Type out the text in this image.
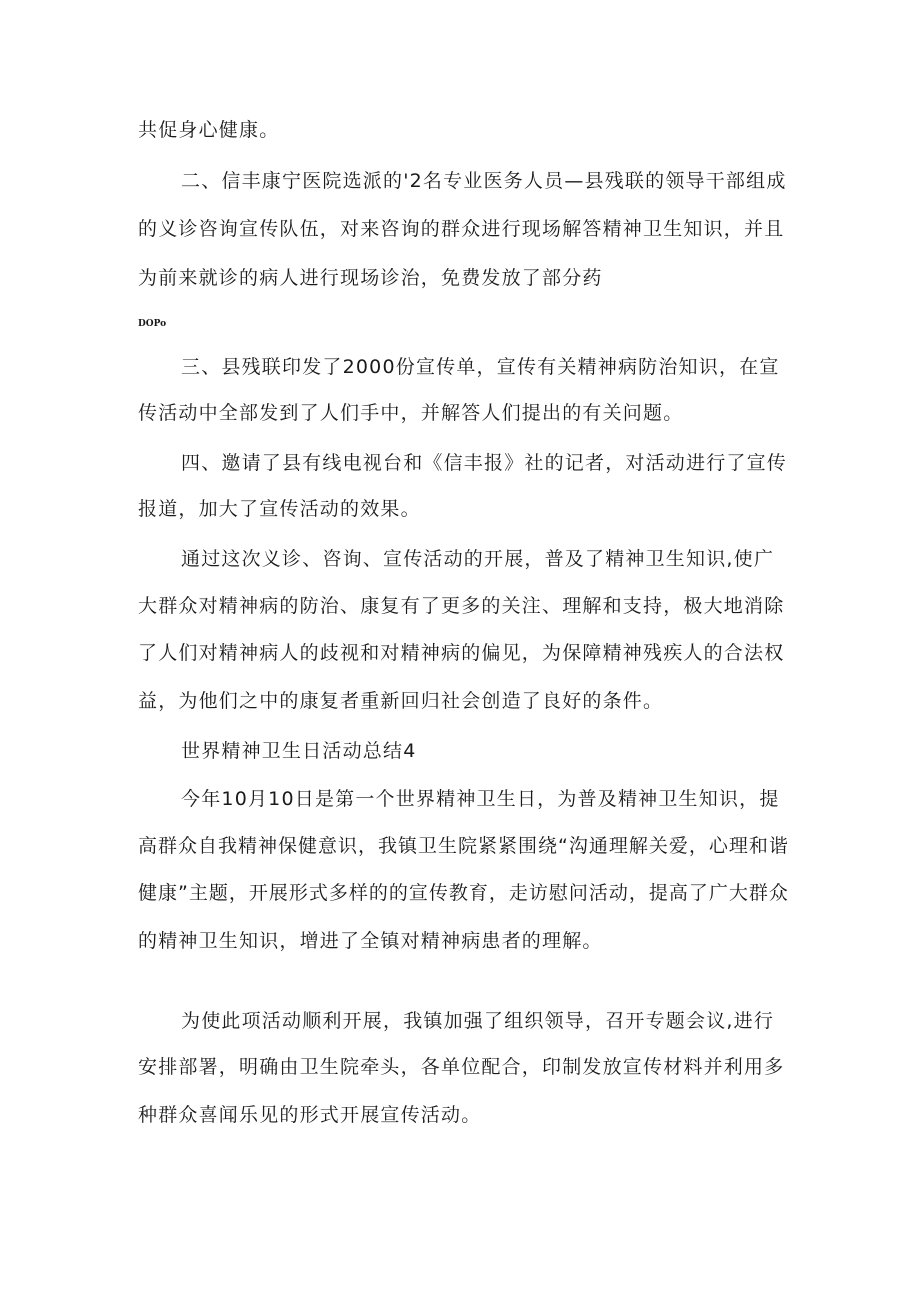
共促身心健康。
二、信丰康宁医院选派的'2名专业医务人员—县残联的领导干部组成
的义诊咨询宣传队伍，对来咨询的群众进行现场解答精神卫生知识，并且
为前来就诊的病人进行现场诊治，免费发放了部分药
DOPo
三、县残联印发了2000份宣传单，宣传有关精神病防治知识，在宣
传活动中全部发到了人们手中，并解答人们提出的有关问题。
四、邀请了县有线电视台和《信丰报》社的记者，对活动进行了宣传
报道，加大了宣传活动的效果。
通过这次义诊、咨询、宣传活动的开展，普及了精神卫生知识,使广
大群众对精神病的防治、康复有了更多的关注、理解和支持，极大地消除
了人们对精神病人的歧视和对精神病的偏见，为保障精神残疾人的合法权
益，为他们之中的康复者重新回归社会创造了良好的条件。
世界精神卫生日活动总结4
今年10月10日是第一个世界精神卫生日，为普及精神卫生知识，提
高群众自我精神保健意识，我镇卫生院紧紧围绕“沟通理解关爱，心理和谐
健康”主题，开展形式多样的的宣传教育，走访慰问活动，提高了广大群众
的精神卫生知识，增进了全镇对精神病患者的理解。
为使此项活动顺利开展，我镇加强了组织领导，召开专题会议,进行
安排部署，明确由卫生院牵头，各单位配合，印制发放宣传材料并利用多
种群众喜闻乐见的形式开展宣传活动。
